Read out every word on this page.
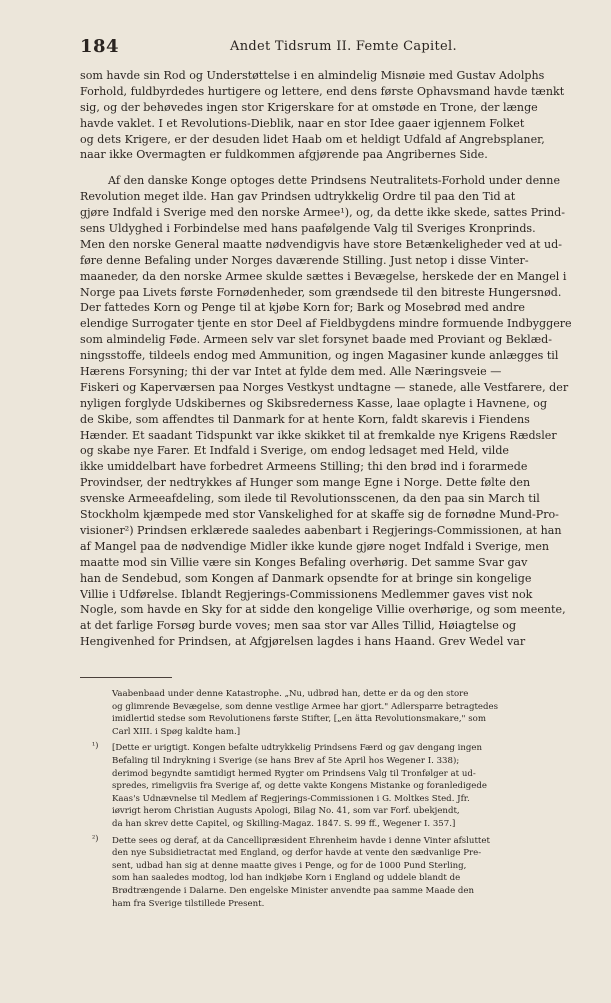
184	Andet Tidsrum II. Femte Capitel.
som havde sin Rod og Understøttelse i en almindelig Misnøie med Gustav Adolphs
Forhold, fuldbyrdedes hurtigere og lettere, end dens første Ophavsmand havde tænkt
sig, og der behøvedes ingen stor Krigerskare for at omstøde en Trone, der længe
havde vaklet. I et Revolutions-Dieblik, naar en stor Idee gaaer igjennem Folket
og dets Krigere, er der desuden lidet Haab om et heldigt Udfald af Angrebsplaner,
naar ikke Overmagten er fuldkommen afgjørende paa Angribernes Side.
Af den danske Konge optoges dette Prindsens Neutralitets-Forhold under denne
Revolution meget ilde. Han gav Prindsen udtrykkelig Ordre til paa den Tid at
gjøre Indfald i Sverige med den norske Armee¹), og, da dette ikke skede, sattes Prind-
sens Uldyghed i Forbindelse med hans paafølgende Valg til Sveriges Kronprinds.
Men den norske General maatte nødvendigvis have store Betænkeligheder ved at ud-
føre denne Befaling under Norges daværende Stilling. Just netop i disse Vinter-
maaneder, da den norske Armee skulde sættes i Bevægelse, herskede der en Mangel i
Norge paa Livets første Fornødenheder, som grændsede til den bitreste Hungersnød.
Der fattedes Korn og Penge til at kjøbe Korn for; Bark og Mosebrød med andre
elendige Surrogater tjente en stor Deel af Fieldbygdens mindre formuende Indbyggere
som almindelig Føde. Armeen selv var slet forsynet baade med Proviant og Beklæd-
ningsstoffe, tildeels endog med Ammunition, og ingen Magasiner kunde anlægges til
Hærens Forsyning; thi der var Intet at fylde dem med. Alle Næringsveie —
Fiskeri og Kaperværsen paa Norges Vestkyst undtagne — stanede, alle Vestfarere, der
nyligen forglyde Udskibernes og Skibsrederness Kasse, laae oplagte i Havnene, og
de Skibe, som affendtes til Danmark for at hente Korn, faldt skarevis i Fiendens
Hænder. Et saadant Tidspunkt var ikke skikket til at fremkalde nye Krigens Rædsler
og skabe nye Farer. Et Indfald i Sverige, om endog ledsaget med Held, vilde
ikke umiddelbart have forbedret Armeens Stilling; thi den brød ind i forarmede
Provindser, der nedtrykkes af Hunger som mange Egne i Norge. Dette følte den
svenske Armeeafdeling, som ilede til Revolutionsscenen, da den paa sin March til
Stockholm kjæmpede med stor Vanskelighed for at skaffe sig de fornødne Mund-Pro-
visioner²) Prindsen erklærede saaledes aabenbart i Regjerings-Commissionen, at han
af Mangel paa de nødvendige Midler ikke kunde gjøre noget Indfald i Sverige, men
maatte mod sin Villie være sin Konges Befaling overhørig. Det samme Svar gav
han de Sendebud, som Kongen af Danmark opsendte for at bringe sin kongelige
Villie i Udførelse. Iblandt Regjerings-Commissionens Medlemmer gaves vist nok
Nogle, som havde en Sky for at sidde den kongelige Villie overhørige, og som meente,
at det farlige Forsøg burde voves; men saa stor var Alles Tillid, Høiagtelse og
Hengivenhed for Prindsen, at Afgjørelsen lagdes i hans Haand. Grev Wedel var
Vaabenbaad under denne Katastrophe. „Nu, udbrød han, dette er da og den store
og glimrende Bevægelse, som denne vestlige Armee har gjort." Adlersparre betragtedes
imidlertid stedse som Revolutionens første Stifter, [„en ätta Revolutionsmakare," som
Carl XIII. i Spøg kaldte ham.]
¹) [Dette er urigtigt. Kongen befalte udtrykkelig Prindsens Færd og gav dengang ingen
Befaling til Indrykning i Sverige (se hans Brev af 5te April hos Wegener I. 338);
derimod begyndte samtidigt hermed Rygter om Prindsens Valg til Tronfølger at ud-
spredes, rimeligviis fra Sverige af, og dette vakte Kongens Mistanke og foranledigede
Kaas's Udnævnelse til Medlem af Regjerings-Commissionen i G. Moltkes Sted. Jfr.
iøvrigt herom Christian Augusts Apologi, Bilag No. 41, som var Forf. ubekjendt,
da han skrev dette Capitel, og Skilling-Magaz. 1847. S. 99 ff., Wegener I. 357.]
²) Dette sees og deraf, at da Cancellipræsident Ehrenheim havde i denne Vinter afsluttet
den nye Subsidietractat med England, og derfor havde at vente den sædvanlige Pre-
sent, udbad han sig at denne maatte gives i Penge, og for de 1000 Pund Sterling,
som han saaledes modtog, lod han indkjøbe Korn i England og uddele blandt de
Brødtrængende i Dalarne. Den engelske Minister anvendte paa samme Maade den
ham fra Sverige tilstillede Present.
